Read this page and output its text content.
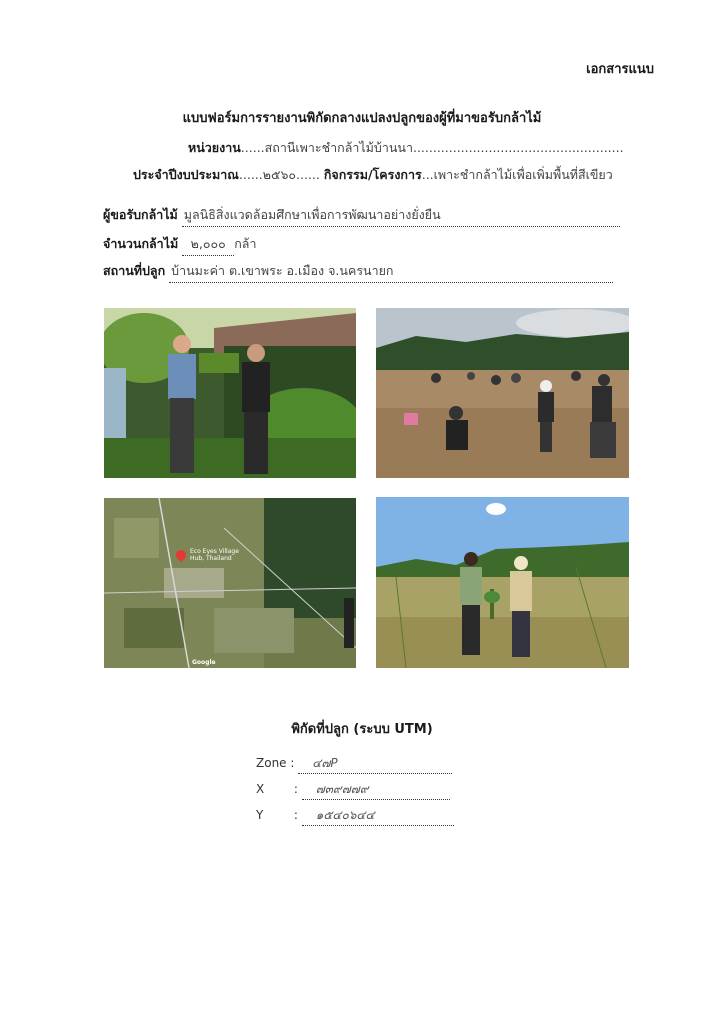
เอกสารแนบ
แบบฟอร์มการรายงานพิกัดกลางแปลงปลูกของผู้ที่มาขอรับกล้าไม้
หน่วยงาน......สถานีเพาะชำกล้าไม้บ้านนา.....................................................
ประจำปีงบประมาณ......๒๕๖๐...... กิจกรรม/โครงการ...เพาะชำกล้าไม้เพื่อเพิ่มพื้นที่สีเขียว
ผู้ขอรับกล้าไม้ มูลนิธิสิ่งแวดล้อมศึกษาเพื่อการพัฒนาอย่างยั่งยืน
จำนวนกล้าไม้ ๒,๐๐๐ กล้า
สถานที่ปลูก บ้านมะค่า ต.เขาพระ อ.เมือง จ.นครนายก
Eco Eyes Village
Hub, Thailand
Google
พิกัดที่ปลูก (ระบบ UTM)
Zone : ๔๗P
X : ๗๓๙๗๗๙
Y	: ๑๕๔๐๖๔๔
